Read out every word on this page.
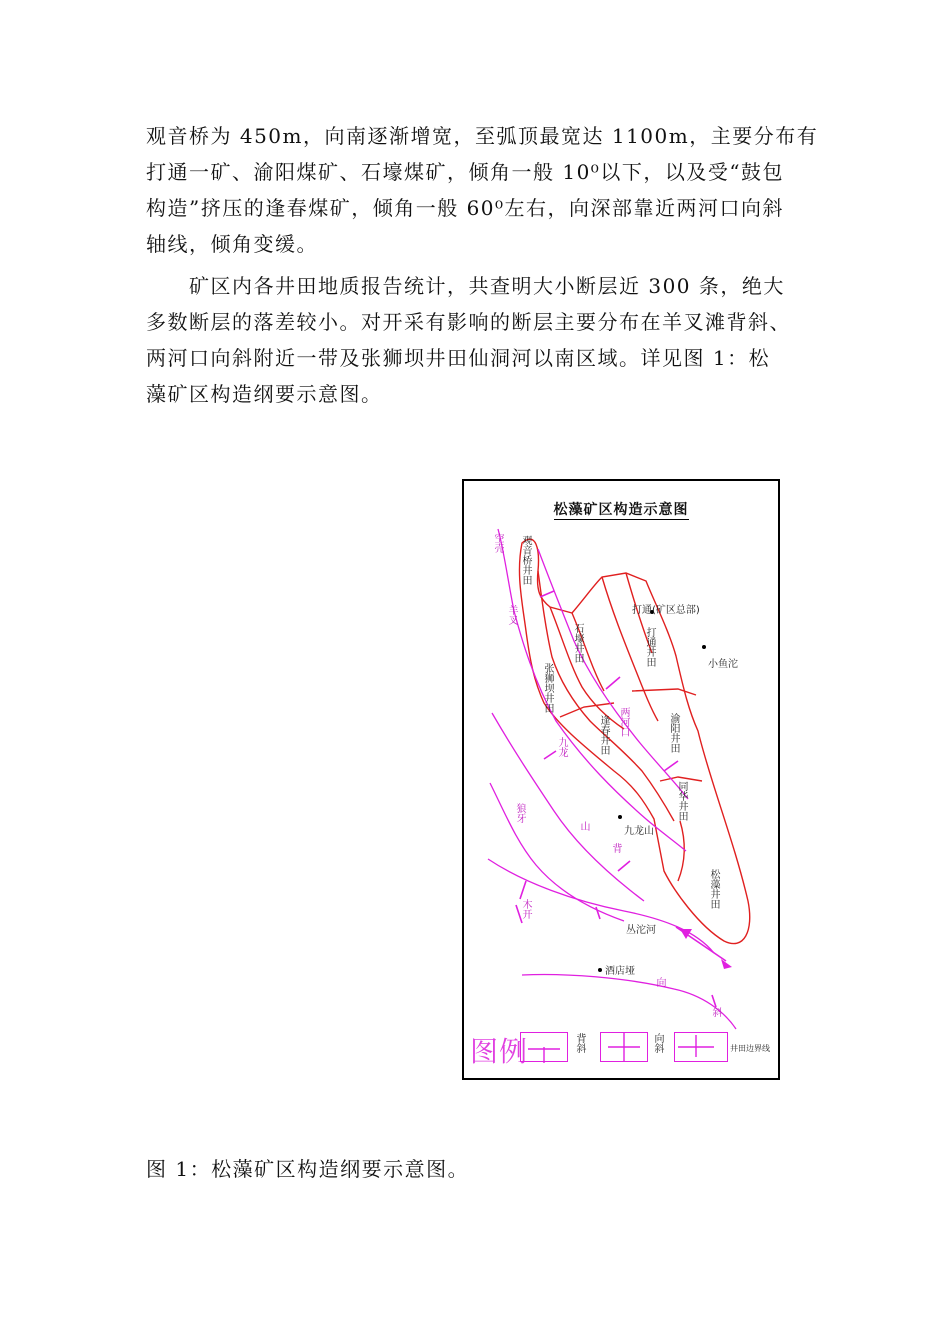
观音桥为 450m，向南逐渐增宽，至弧顶最宽达 1100m，主要分布有
打通一矿、渝阳煤矿、石壕煤矿，倾角一般 10⁰以下，以及受“鼓包
构造”挤压的逢春煤矿，倾角一般 60⁰左右，向深部靠近两河口向斜
轴线，倾角变缓。
　　矿区内各井田地质报告统计，共查明大小断层近 300 条，绝大
多数断层的落差较小。对开采有影响的断层主要分布在羊叉滩背斜、
两河口向斜附近一带及张狮坝井田仙洞河以南区域。详见图 1：松
藻矿区构造纲要示意图。
松藻矿区构造示意图
打通(矿区总部)
小鱼沱
九龙山
丛沱河
酒店垭
观音桥井田
石壕井田	打通井田
渝阳井田
张狮坝井田
逢春井田
同华井田
松藻井田
空壳
羊叉
九龙
狼牙
木开
两河口
山
背
向
斜
图例	背斜	向斜	井田边界线
图 1：松藻矿区构造纲要示意图。
